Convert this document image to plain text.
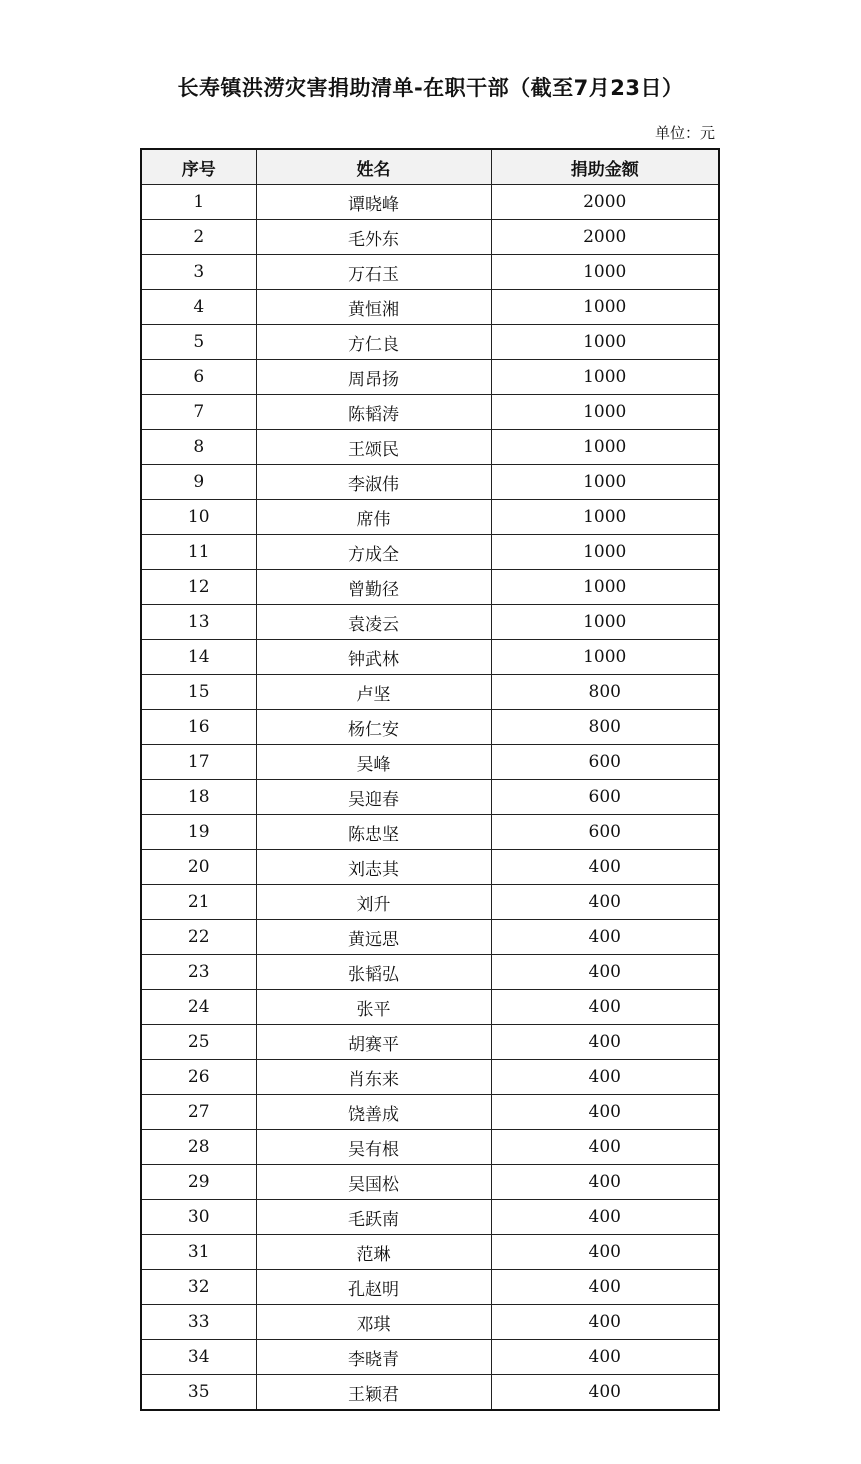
长寿镇洪涝灾害捐助清单-在职干部（截至7月23日）
单位：元
序号	姓名	捐助金额
1	谭晓峰	2000
2	毛外东	2000
3	万石玉	1000
4	黄恒湘	1000
5	方仁良	1000
6	周昂扬	1000
7	陈韬涛	1000
8	王颂民	1000
9	李淑伟	1000
10	席伟	1000
11	方成全	1000
12	曾勤径	1000
13	袁凌云	1000
14	钟武林	1000
15	卢坚	800
16	杨仁安	800
17	吴峰	600
18	吴迎春	600
19	陈忠坚	600
20	刘志其	400
21	刘升	400
22	黄远思	400
23	张韬弘	400
24	张平	400
25	胡赛平	400
26	肖东来	400
27	饶善成	400
28	吴有根	400
29	吴国松	400
30	毛跃南	400
31	范琳	400
32	孔赵明	400
33	邓琪	400
34	李晓青	400
35	王颖君	400
